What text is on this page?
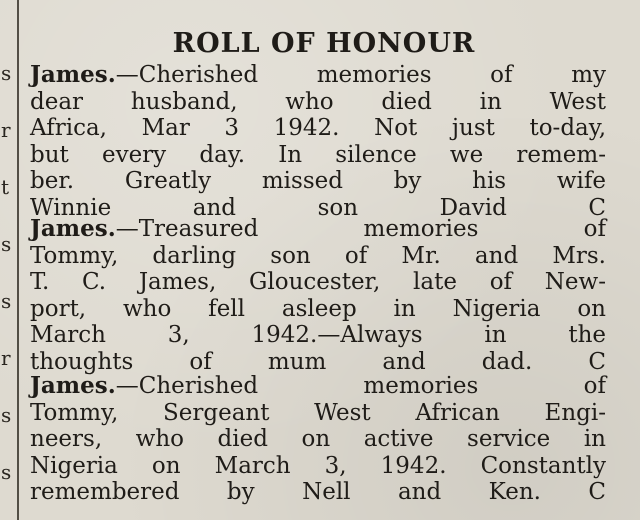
s
r
t
s
s
r
s
s
ROLL OF HONOUR
James.—Cherished memories of my
dear husband, who died in West
Africa, Mar 3 1942. Not just to-day,
but every day. In silence we remem-
ber. Greatly missed by his wife
Winnie and son David	C
James.—Treasured memories of
Tommy, darling son of Mr. and Mrs.
T. C. James, Gloucester, late of New-
port, who fell asleep in Nigeria on
March 3, 1942.—Always in the
thoughts of mum and dad. C
James.—Cherished memories of
Tommy, Sergeant West African Engi-
neers, who died on active service in
Nigeria on March 3, 1942. Constantly
remembered by Nell and Ken. C
